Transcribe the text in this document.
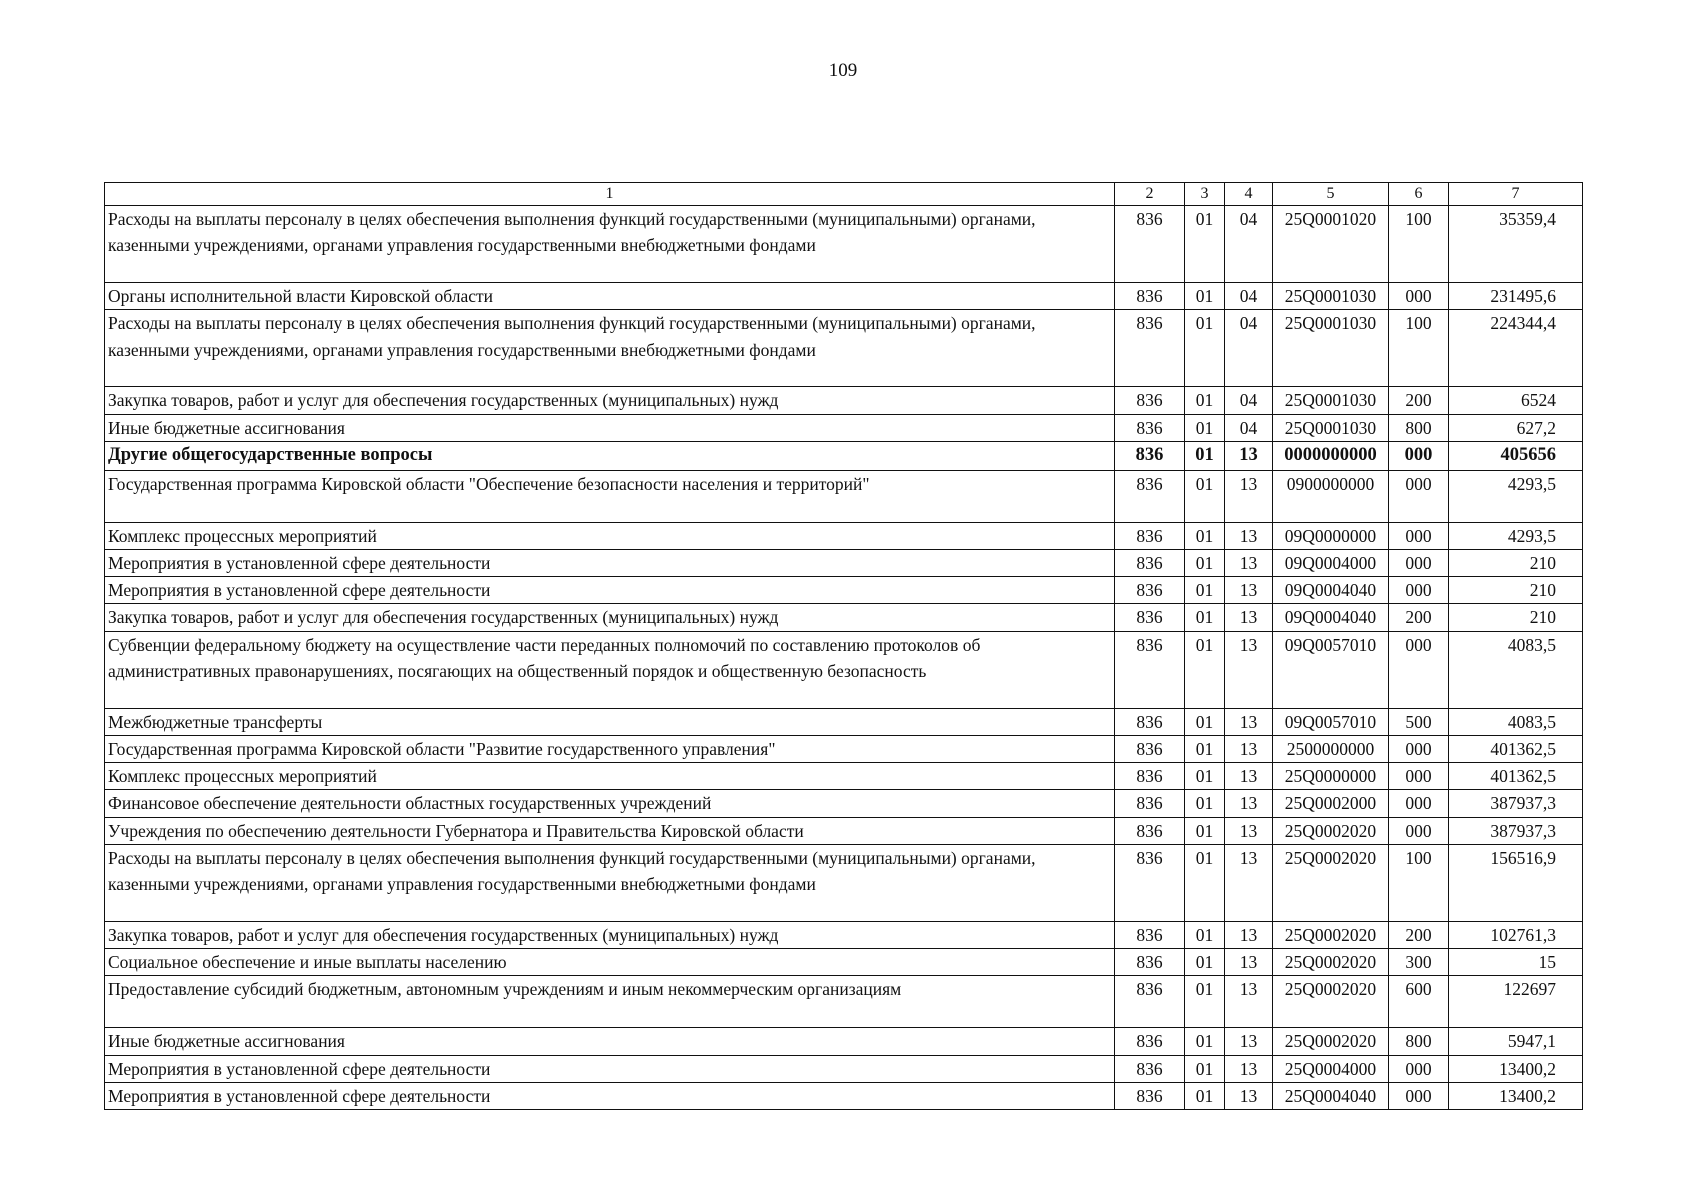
109
1	2	3	4	5	6	7
Расходы на выплаты персоналу в целях обеспечения выполнения функций государственными (муниципальными) органами, казенными учреждениями, органами управления государственными внебюджетными фондами	836	01	04	25Q0001020	100	35359,4
Органы исполнительной власти Кировской области	836	01	04	25Q0001030	000	231495,6
Расходы на выплаты персоналу в целях обеспечения выполнения функций государственными (муниципальными) органами, казенными учреждениями, органами управления государственными внебюджетными фондами	836	01	04	25Q0001030	100	224344,4
Закупка товаров, работ и услуг для обеспечения государственных (муниципальных) нужд	836	01	04	25Q0001030	200	6524
Иные бюджетные ассигнования	836	01	04	25Q0001030	800	627,2
Другие общегосударственные вопросы	836	01	13	0000000000	000	405656
Государственная программа Кировской области "Обеспечение безопасности населения и территорий"	836	01	13	0900000000	000	4293,5
Комплекс процессных мероприятий	836	01	13	09Q0000000	000	4293,5
Мероприятия в установленной сфере деятельности	836	01	13	09Q0004000	000	210
Мероприятия в установленной сфере деятельности	836	01	13	09Q0004040	000	210
Закупка товаров, работ и услуг для обеспечения государственных (муниципальных) нужд	836	01	13	09Q0004040	200	210
Субвенции федеральному бюджету на осуществление части переданных полномочий по составлению протоколов об административных правонарушениях, посягающих на общественный порядок и общественную безопасность	836	01	13	09Q0057010	000	4083,5
Межбюджетные трансферты	836	01	13	09Q0057010	500	4083,5
Государственная программа Кировской области "Развитие государственного управления"	836	01	13	2500000000	000	401362,5
Комплекс процессных мероприятий	836	01	13	25Q0000000	000	401362,5
Финансовое обеспечение деятельности областных государственных учреждений	836	01	13	25Q0002000	000	387937,3
Учреждения по обеспечению деятельности Губернатора и Правительства Кировской области	836	01	13	25Q0002020	000	387937,3
Расходы на выплаты персоналу в целях обеспечения выполнения функций государственными (муниципальными) органами, казенными учреждениями, органами управления государственными внебюджетными фондами	836	01	13	25Q0002020	100	156516,9
Закупка товаров, работ и услуг для обеспечения государственных (муниципальных) нужд	836	01	13	25Q0002020	200	102761,3
Социальное обеспечение и иные выплаты населению	836	01	13	25Q0002020	300	15
Предоставление субсидий бюджетным, автономным учреждениям и иным некоммерческим организациям	836	01	13	25Q0002020	600	122697
Иные бюджетные ассигнования	836	01	13	25Q0002020	800	5947,1
Мероприятия в установленной сфере деятельности	836	01	13	25Q0004000	000	13400,2
Мероприятия в установленной сфере деятельности	836	01	13	25Q0004040	000	13400,2
